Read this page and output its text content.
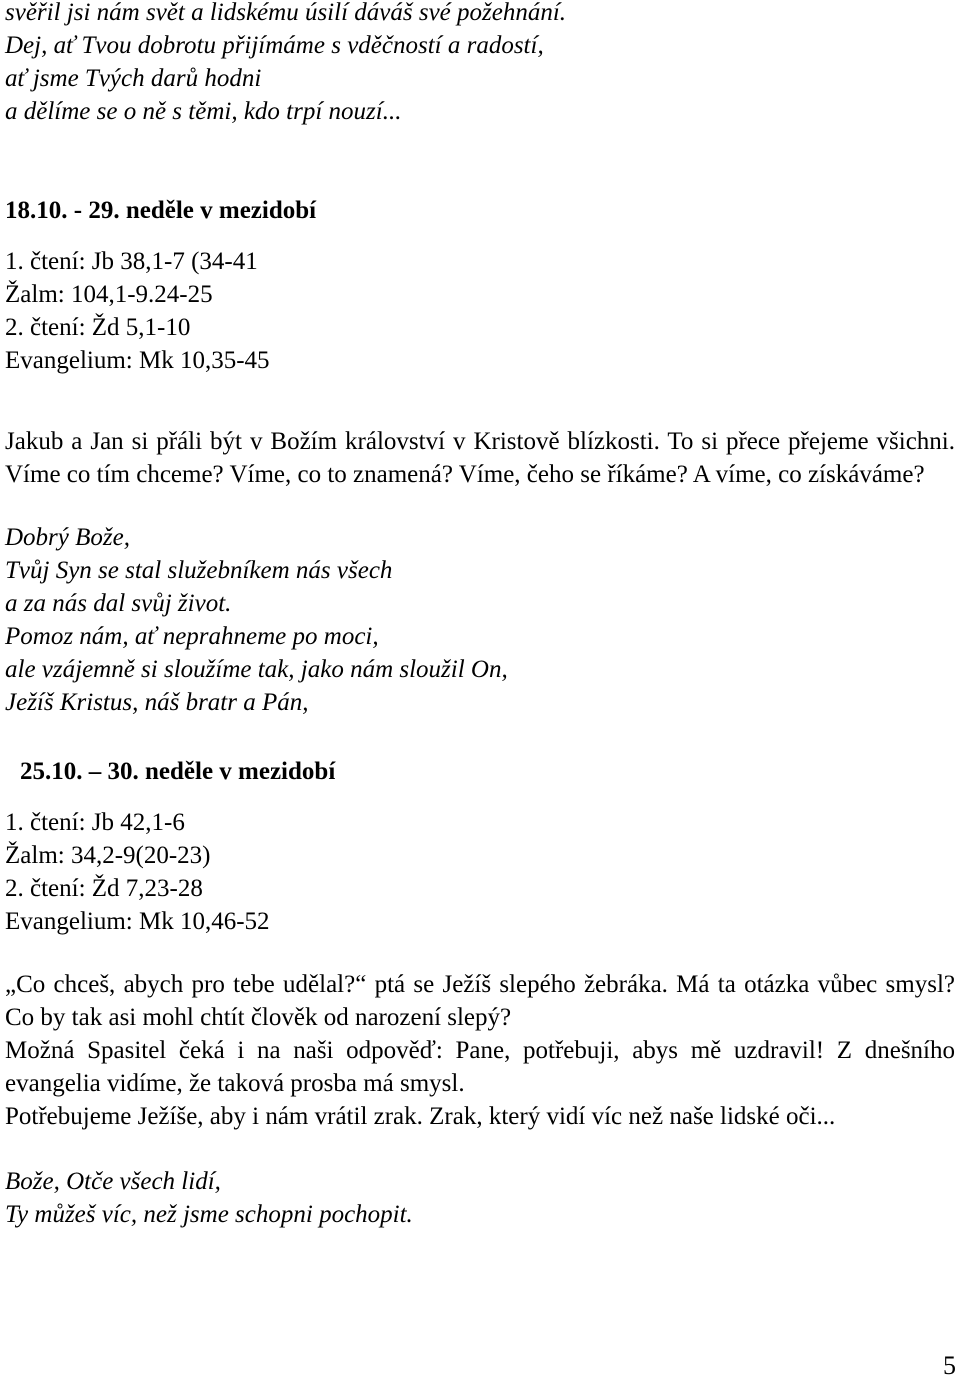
svěřil jsi nám svět a lidskému úsilí dáváš své požehnání.
Dej, ať Tvou dobrotu přijímáme s vděčností a radostí,
ať jsme Tvých darů hodni
a dělíme se o ně s těmi, kdo trpí nouzí...
18.10. - 29. neděle v mezidobí
1. čtení: Jb 38,1-7 (34-41
Žalm: 104,1-9.24-25
2. čtení: Žd 5,1-10
Evangelium: Mk 10,35-45
Jakub a Jan si přáli být v Božím království v Kristově blízkosti. To si přece přejeme všichni. Víme co tím chceme? Víme, co to znamená? Víme, čeho se říkáme? A víme, co získáváme?
Dobrý Bože,
Tvůj Syn se stal služebníkem nás všech
a za nás dal svůj život.
Pomoz nám, ať neprahneme po moci,
ale vzájemně si sloužíme tak, jako nám sloužil On,
Ježíš Kristus, náš bratr a Pán,
25.10. – 30. neděle v mezidobí
1. čtení: Jb 42,1-6
Žalm: 34,2-9(20-23)
2. čtení: Žd 7,23-28
Evangelium: Mk 10,46-52
„Co chceš, abych pro tebe udělal?“ ptá se Ježíš slepého žebráka. Má ta otázka vůbec smysl? Co by tak asi mohl chtít člověk od narození slepý?
Možná Spasitel čeká i na naši odpověď: Pane, potřebuji, abys mě uzdravil! Z dnešního evangelia vidíme, že taková prosba má smysl.
Potřebujeme Ježíše, aby i nám vrátil zrak. Zrak, který vidí víc než naše lidské oči...
Bože, Otče všech lidí,
Ty můžeš víc, než jsme schopni pochopit.
5
